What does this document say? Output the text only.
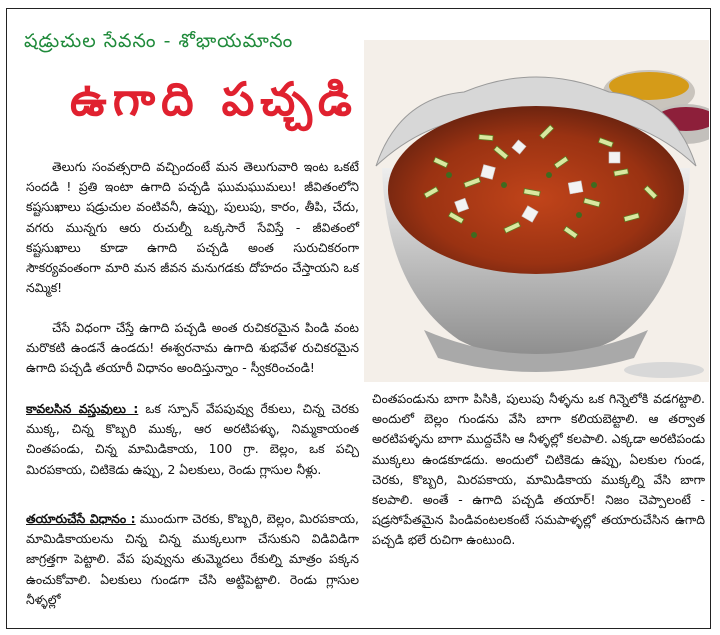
షడ్రుచుల సేవనం - శోభాయమానం
ఉగాది పచ్చడి
తెలుగు సంవత్సరాది వచ్చిందంటే మన తెలుగువారి ఇంట ఒకటే సందడి ! ప్రతి ఇంటా ఉగాది పచ్చడి ఘుమఘుమలు! జీవితంలోని కష్టసుఖాలు షడ్రుచుల వంటివనీ, ఉప్పు, పులుపు, కారం, తీపి, చేదు, వగరు మున్నగు ఆరు రుచుల్నీ ఒక్కసారే సేవిస్తే - జీవితంలో కష్టసుఖాలు కూడా ఉగాది పచ్చడి అంత సురుచికరంగా సౌకర్యవంతంగా మారి మన జీవన మనుగడకు దోహదం చేస్తాయని ఒక నమ్మిక!
చేసే విధంగా చేస్తే ఉగాది పచ్చడి అంత రుచికరమైన పిండి వంట మరొకటి ఉండనే ఉండదు! ఈశ్వరనామ ఉగాది శుభవేళ రుచికరమైన ఉగాది పచ్చడి తయారీ విధానం అందిస్తున్నాం - స్వీకరించండి!
కావలసిన వస్తువులు : ఒక స్పూన్ వేపపువ్వు రేకులు, చిన్న చెరకు ముక్క, చిన్న కొబ్బరి ముక్క, ఆర అరటిపళ్ళు, నిమ్మకాయంత చింతపండు, చిన్న మామిడికాయ, 100 గ్రా. బెల్లం, ఒక పచ్చి మిరపకాయ, చిటికెడు ఉప్పు, 2 ఏలకులు, రెండు గ్లాసుల నీళ్లు.
తయారుచేసే విధానం : ముందుగా చెరకు, కొబ్బరి, బెల్లం, మిరపకాయ, మామిడికాయలను చిన్న చిన్న ముక్కలుగా చేసుకుని విడివిడిగా జాగ్రత్తగా పెట్టాలి. వేప పువ్వును తుమ్మెదలు రేకుల్ని మాత్రం పక్కన ఉంచుకోవాలి. ఏలకులు గుండగా చేసి అట్టిపెట్టాలి. రెండు గ్లాసుల నీళ్ళల్లో
చింతపండును బాగా పిసికి, పులుపు నీళ్ళను ఒక గిన్నెలోకి వడగట్టాలి. అందులో బెల్లం గుండను వేసి బాగా కలియబెట్టాలి. ఆ తర్వాత అరటిపళ్ళను బాగా ముద్దచేసి ఆ నీళ్ళల్లో కలపాలి. ఎక్కడా అరటిపండు ముక్కలు ఉండకూడదు. అందులో చిటికెడు ఉప్పు, ఏలకుల గుండ, చెరకు, కొబ్బరి, మిరపకాయ, మామిడికాయ ముక్కల్ని వేసి బాగా కలపాలి. అంతే - ఉగాది పచ్చడి తయార్! నిజం చెప్పాలంటే - షడ్రసోపేతమైన పిండివంటలకంటే సమపాళ్ళల్లో తయారుచేసిన ఉగాది పచ్చడి భలే రుచిగా ఉంటుంది.
